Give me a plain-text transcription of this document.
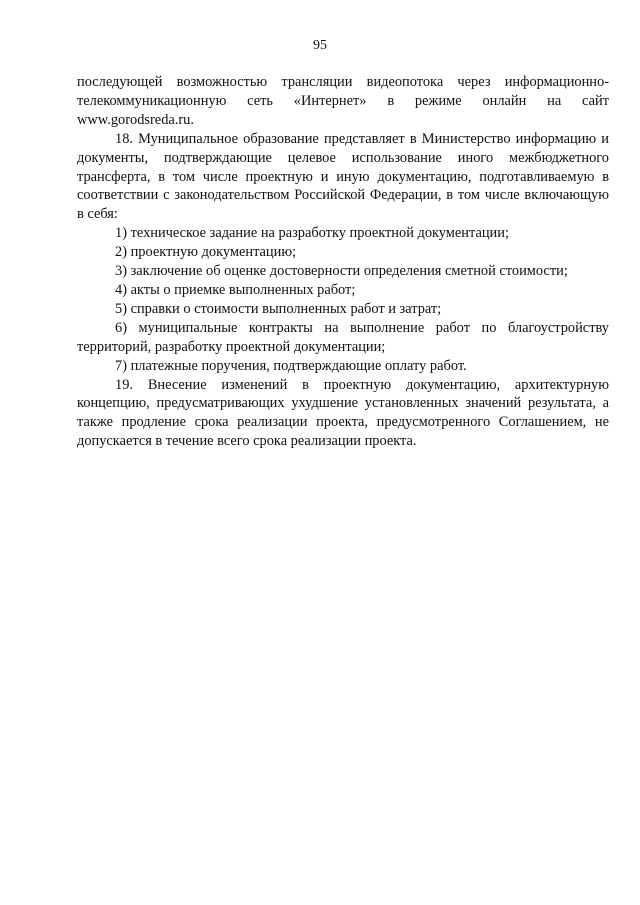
95

последующей возможностью трансляции видеопотока через информационно-телекоммуникационную сеть «Интернет» в режиме онлайн на сайт www.gorodsreda.ru.

18. Муниципальное образование представляет в Министерство информацию и документы, подтверждающие целевое использование иного межбюджетного трансферта, в том числе проектную и иную документацию, подготавливаемую в соответствии с законодательством Российской Федерации, в том числе включающую в себя:

1) техническое задание на разработку проектной документации;

2) проектную документацию;

3) заключение об оценке достоверности определения сметной стоимости;

4) акты о приемке выполненных работ;

5) справки о стоимости выполненных работ и затрат;

6) муниципальные контракты на выполнение работ по благоустройству территорий, разработку проектной документации;

7) платежные поручения, подтверждающие оплату работ.

19. Внесение изменений в проектную документацию, архитектурную концепцию, предусматривающих ухудшение установленных значений результата, а также продление срока реализации проекта, предусмотренного Соглашением, не допускается в течение всего срока реализации проекта.
